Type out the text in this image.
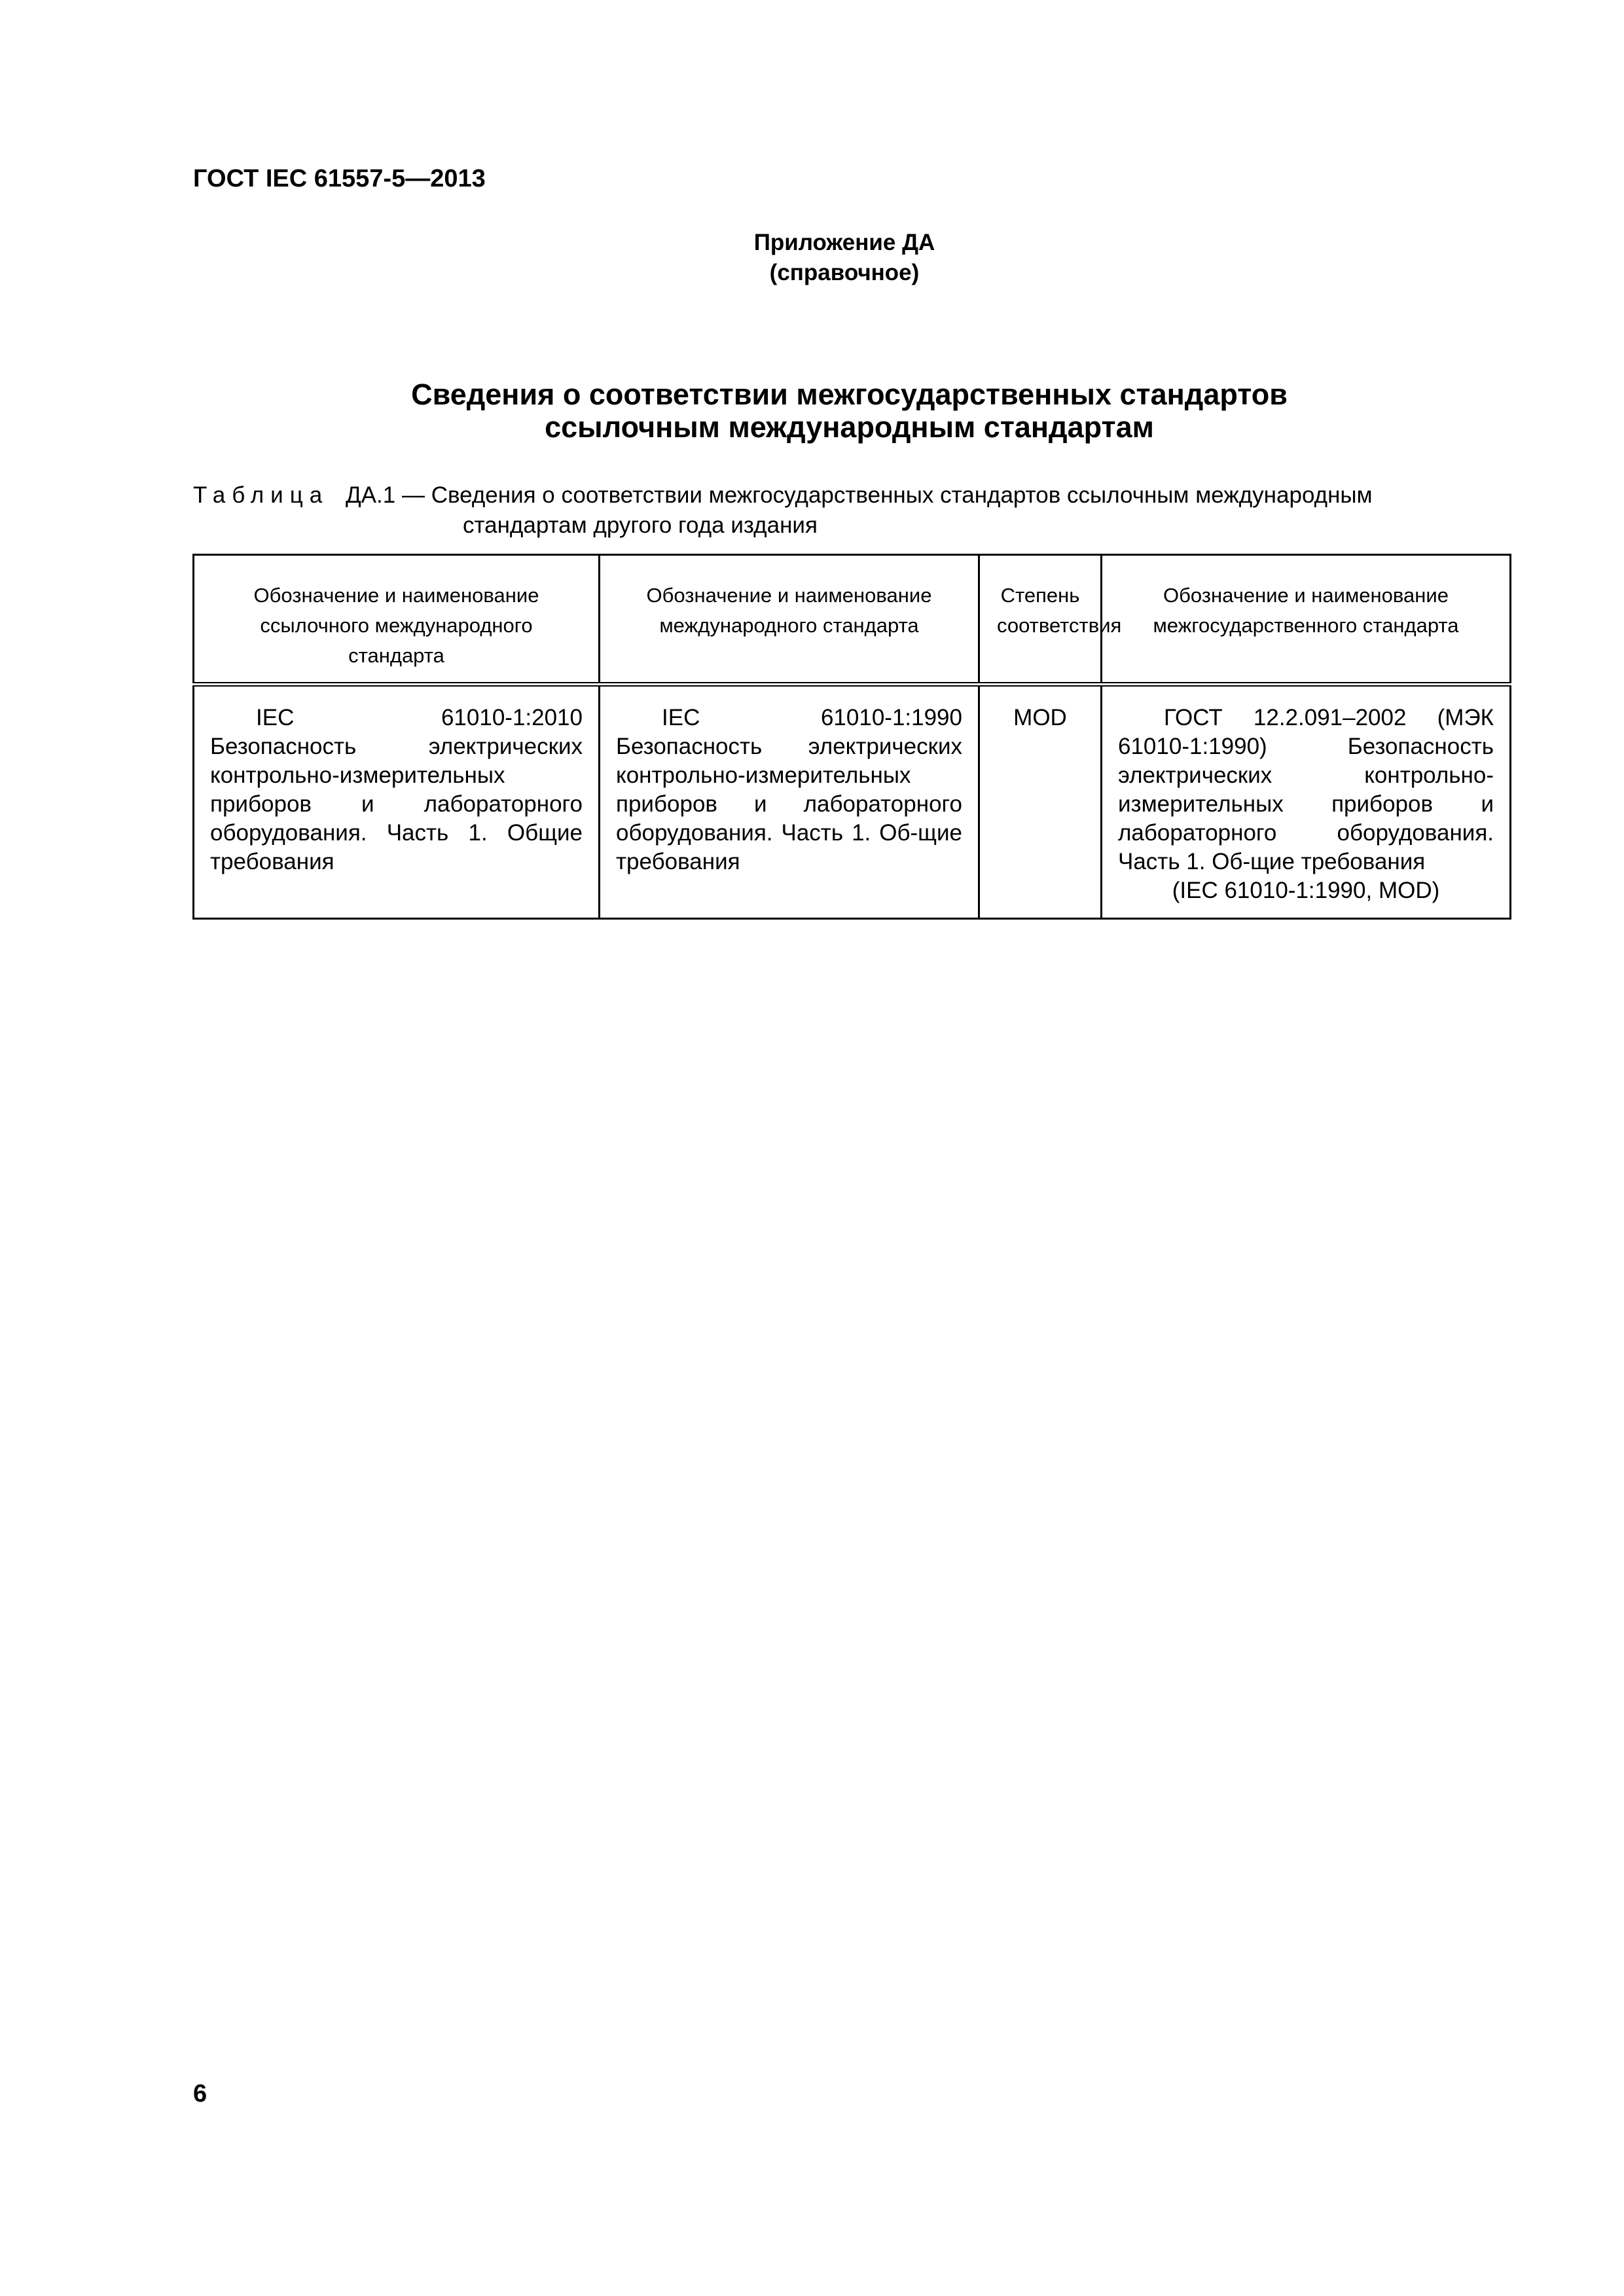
ГОСТ IEC 61557-5—2013
Приложение ДА
(справочное)
Сведения о соответствии межгосударственных стандартов
ссылочным международным стандартам
Таблица ДА.1 — Сведения о соответствии межгосударственных стандартов ссылочным международным
стандартам другого года издания
Обозначение и наименование ссылочного международного стандарта	Обозначение и наименование международного стандарта	Степень соответствия	Обозначение и наименование межгосударственного стандарта

IEC 61010-1:2010 Безопасность электрических контрольно-измерительных приборов и лабораторного оборудования. Часть 1. Общие требования	IEC 61010-1:1990 Безопасность электрических контрольно-измерительных приборов и лабораторного оборудования. Часть 1. Об-щие требования	MOD	ГОСТ 12.2.091–2002 (МЭК 61010-1:1990) Безопасность электрических контрольно-измерительных приборов и лабораторного оборудования. Часть 1. Об-щие требования
(IEC 61010-1:1990, MOD)
6
